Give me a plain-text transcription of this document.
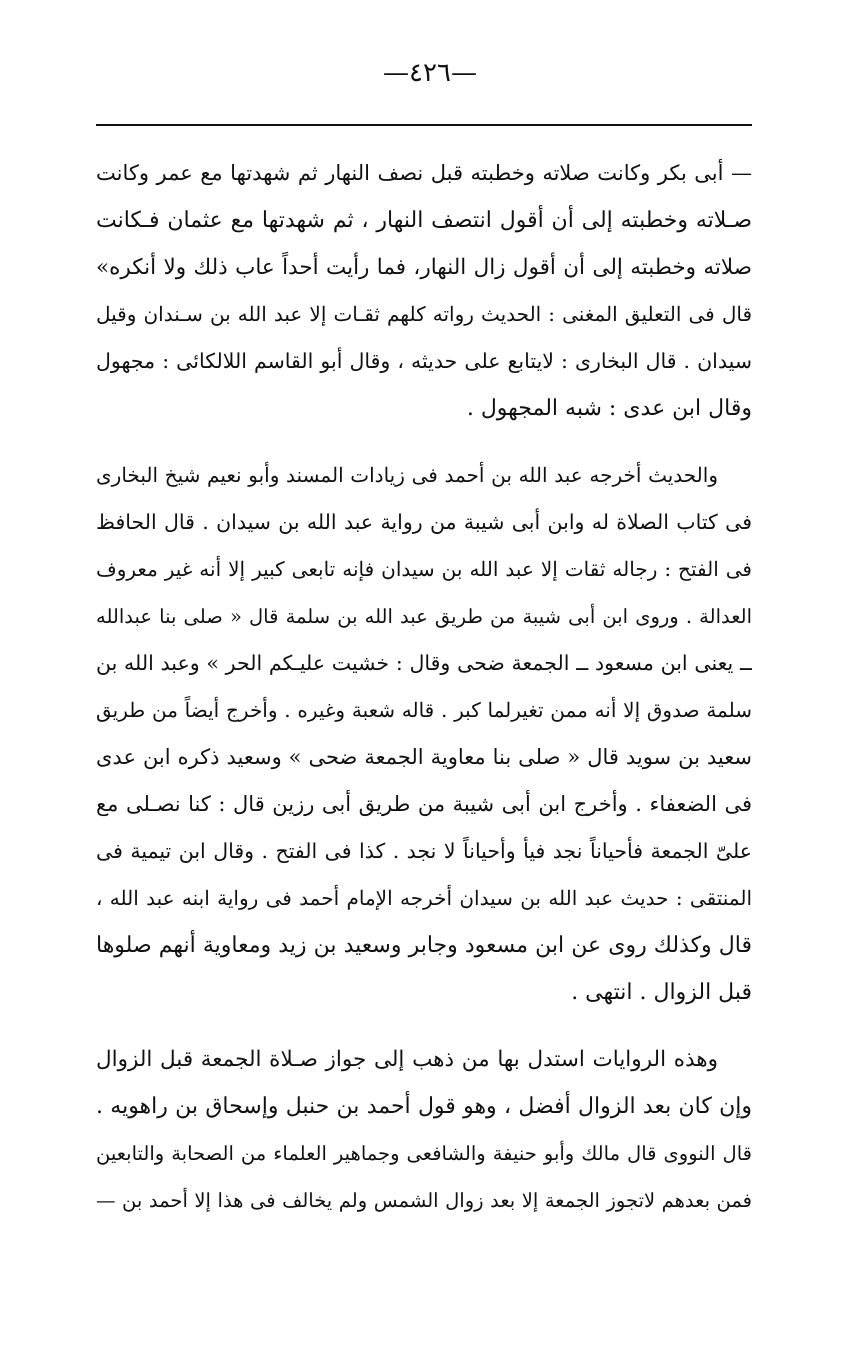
—٤٢٦—
— أبى بكر وكانت صلاته وخطبته قبل نصف النهار ثم شهدتها مع عمر وكانت
صـلاته وخطبته إلى أن أقول انتصف النهار ، ثم شهدتها مع عثمان فـكانت
صلاته وخطبته إلى أن أقول زال النهار، فما رأيت أحداً عاب ذلك ولا أنكره»
قال فى التعليق المغنى : الحديث رواته كلهم ثقـات إلا عبد الله بن سـندان وقيل
سيدان . قال البخارى : لايتابع على حديثه ، وقال أبو القاسم اللالكائى : مجهول
وقال ابن عدى : شبه المجهول .
والحديث أخرجه عبد الله بن أحمد فى زيادات المسند وأبو نعيم شيخ البخارى
فى كتاب الصلاة له وابن أبى شيبة من رواية عبد الله بن سيدان . قال الحافظ
فى الفتح : رجاله ثقات إلا عبد الله بن سيدان فإنه تابعى كبير إلا أنه غير معروف
العدالة . وروى ابن أبى شيبة من طريق عبد الله بن سلمة قال « صلى بنا عبدالله
ــ يعنى ابن مسعود ــ الجمعة ضحى وقال : خشيت عليـكم الحر » وعبد الله بن
سلمة صدوق إلا أنه ممن تغيرلما كبر . قاله شعبة وغيره . وأخرج أيضاً من طريق
سعيد بن سويد قال « صلى بنا معاوية الجمعة ضحى » وسعيد ذكره ابن عدى
فى الضعفاء . وأخرج ابن أبى شيبة من طريق أبى رزين قال : كنا نصـلى مع
علىّ الجمعة فأحياناً نجد فيأ وأحياناً لا نجد . كذا فى الفتح . وقال ابن تيمية فى
المنتقى : حديث عبد الله بن سيدان أخرجه الإمام أحمد فى رواية ابنه عبد الله ،
قال وكذلك روى عن ابن مسعود وجابر وسعيد بن زيد ومعاوية أنهم صلوها
قبل الزوال . انتهى .
وهذه الروايات استدل بها من ذهب إلى جواز صـلاة الجمعة قبل الزوال
وإن كان بعد الزوال أفضل ، وهو قول أحمد بن حنبل وإسحاق بن راهويه .
قال النووى قال مالك وأبو حنيفة والشافعى وجماهير العلماء من الصحابة والتابعين
فمن بعدهم لاتجوز الجمعة إلا بعد زوال الشمس ولم يخالف فى هذا إلا أحمد بن —
